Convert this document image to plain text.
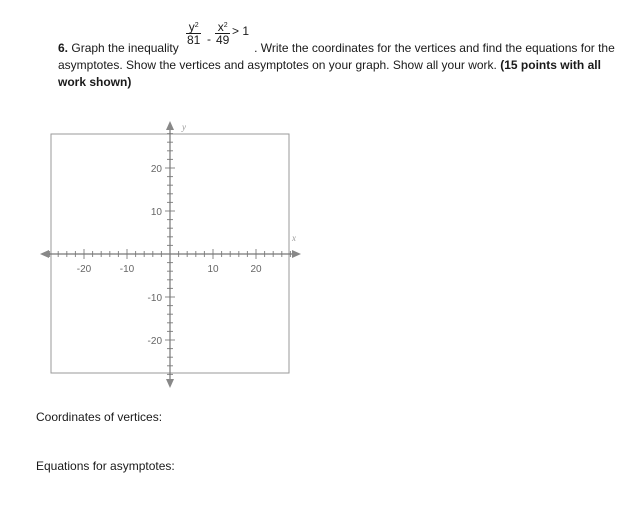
$\frac{y^2}{81} - \frac{x^2}{49} > 1$
6. Graph the inequality	. Write the coordinates for the vertices and find the equations for the asymptotes. Show the vertices and asymptotes on your graph. Show all your work. (15 points with all work shown)
x
y
-20	-10	10	20
20
10
-10
-20
Coordinates of vertices:
Equations for asymptotes:
